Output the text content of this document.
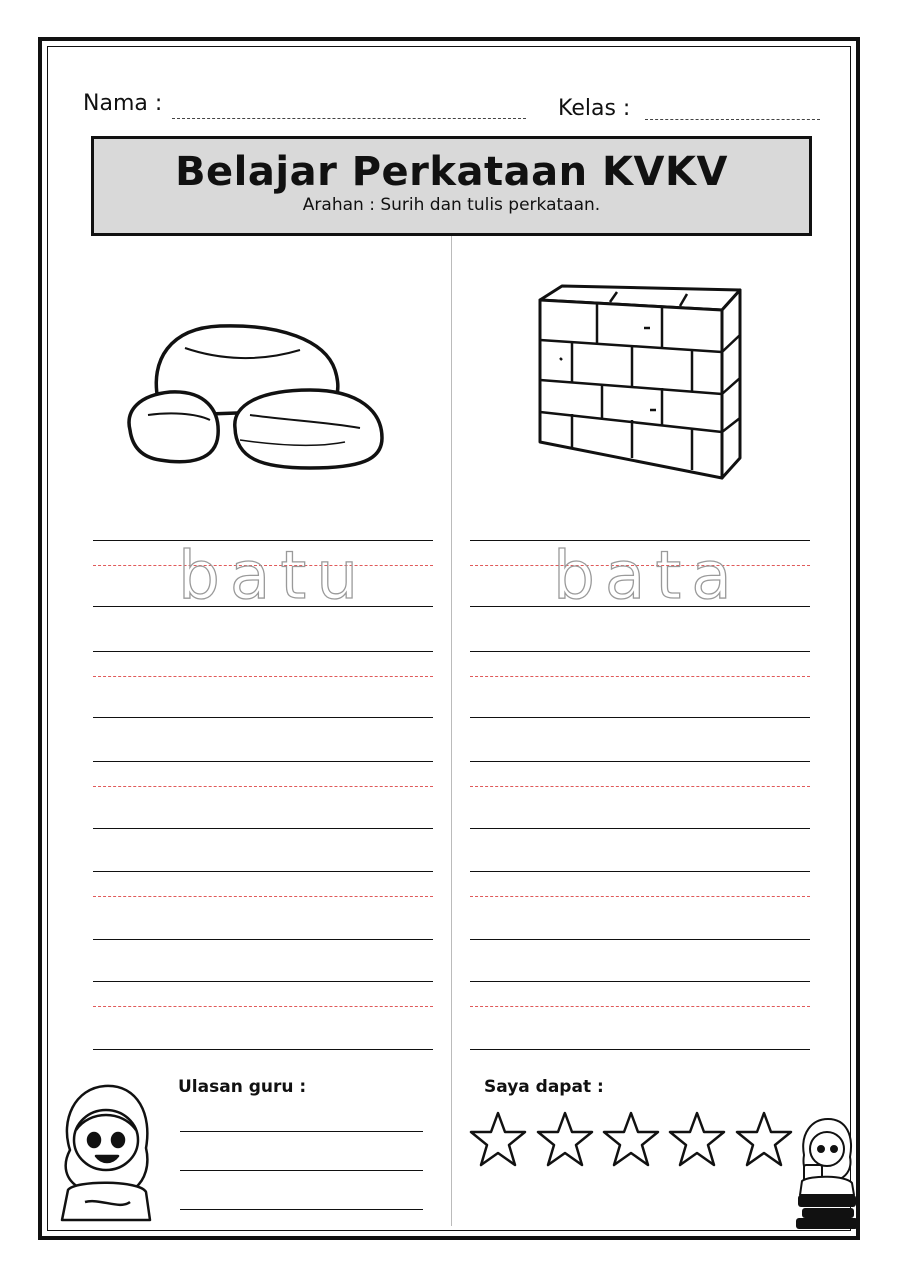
Nama :	Kelas :
Belajar Perkataan KVKV
Arahan : Surih dan tulis perkataan.
batu	bata
Ulasan guru :	Saya dapat :
